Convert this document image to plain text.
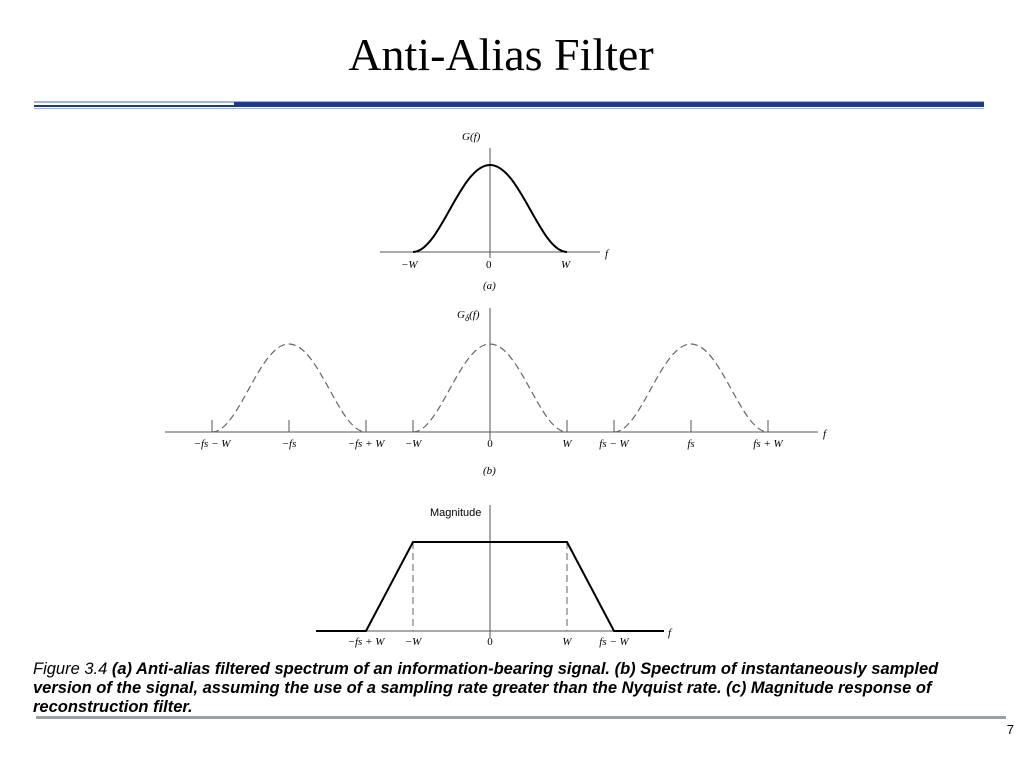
Anti-Alias Filter
G(f)
f
−W	0	W
(a)
$G_\delta(f)$
f
−fs − W	−fs	−fs + W −W	0	W	fs − W	fs	fs + W
(b)
Magnitude
f
−fs + W −W	0	W	fs − W
Figure 3.4 (a) Anti-alias filtered spectrum of an information-bearing signal. (b) Spectrum of instantaneously sampled version of the signal, assuming the use of a sampling rate greater than the Nyquist rate. (c) Magnitude response of reconstruction filter.
7
